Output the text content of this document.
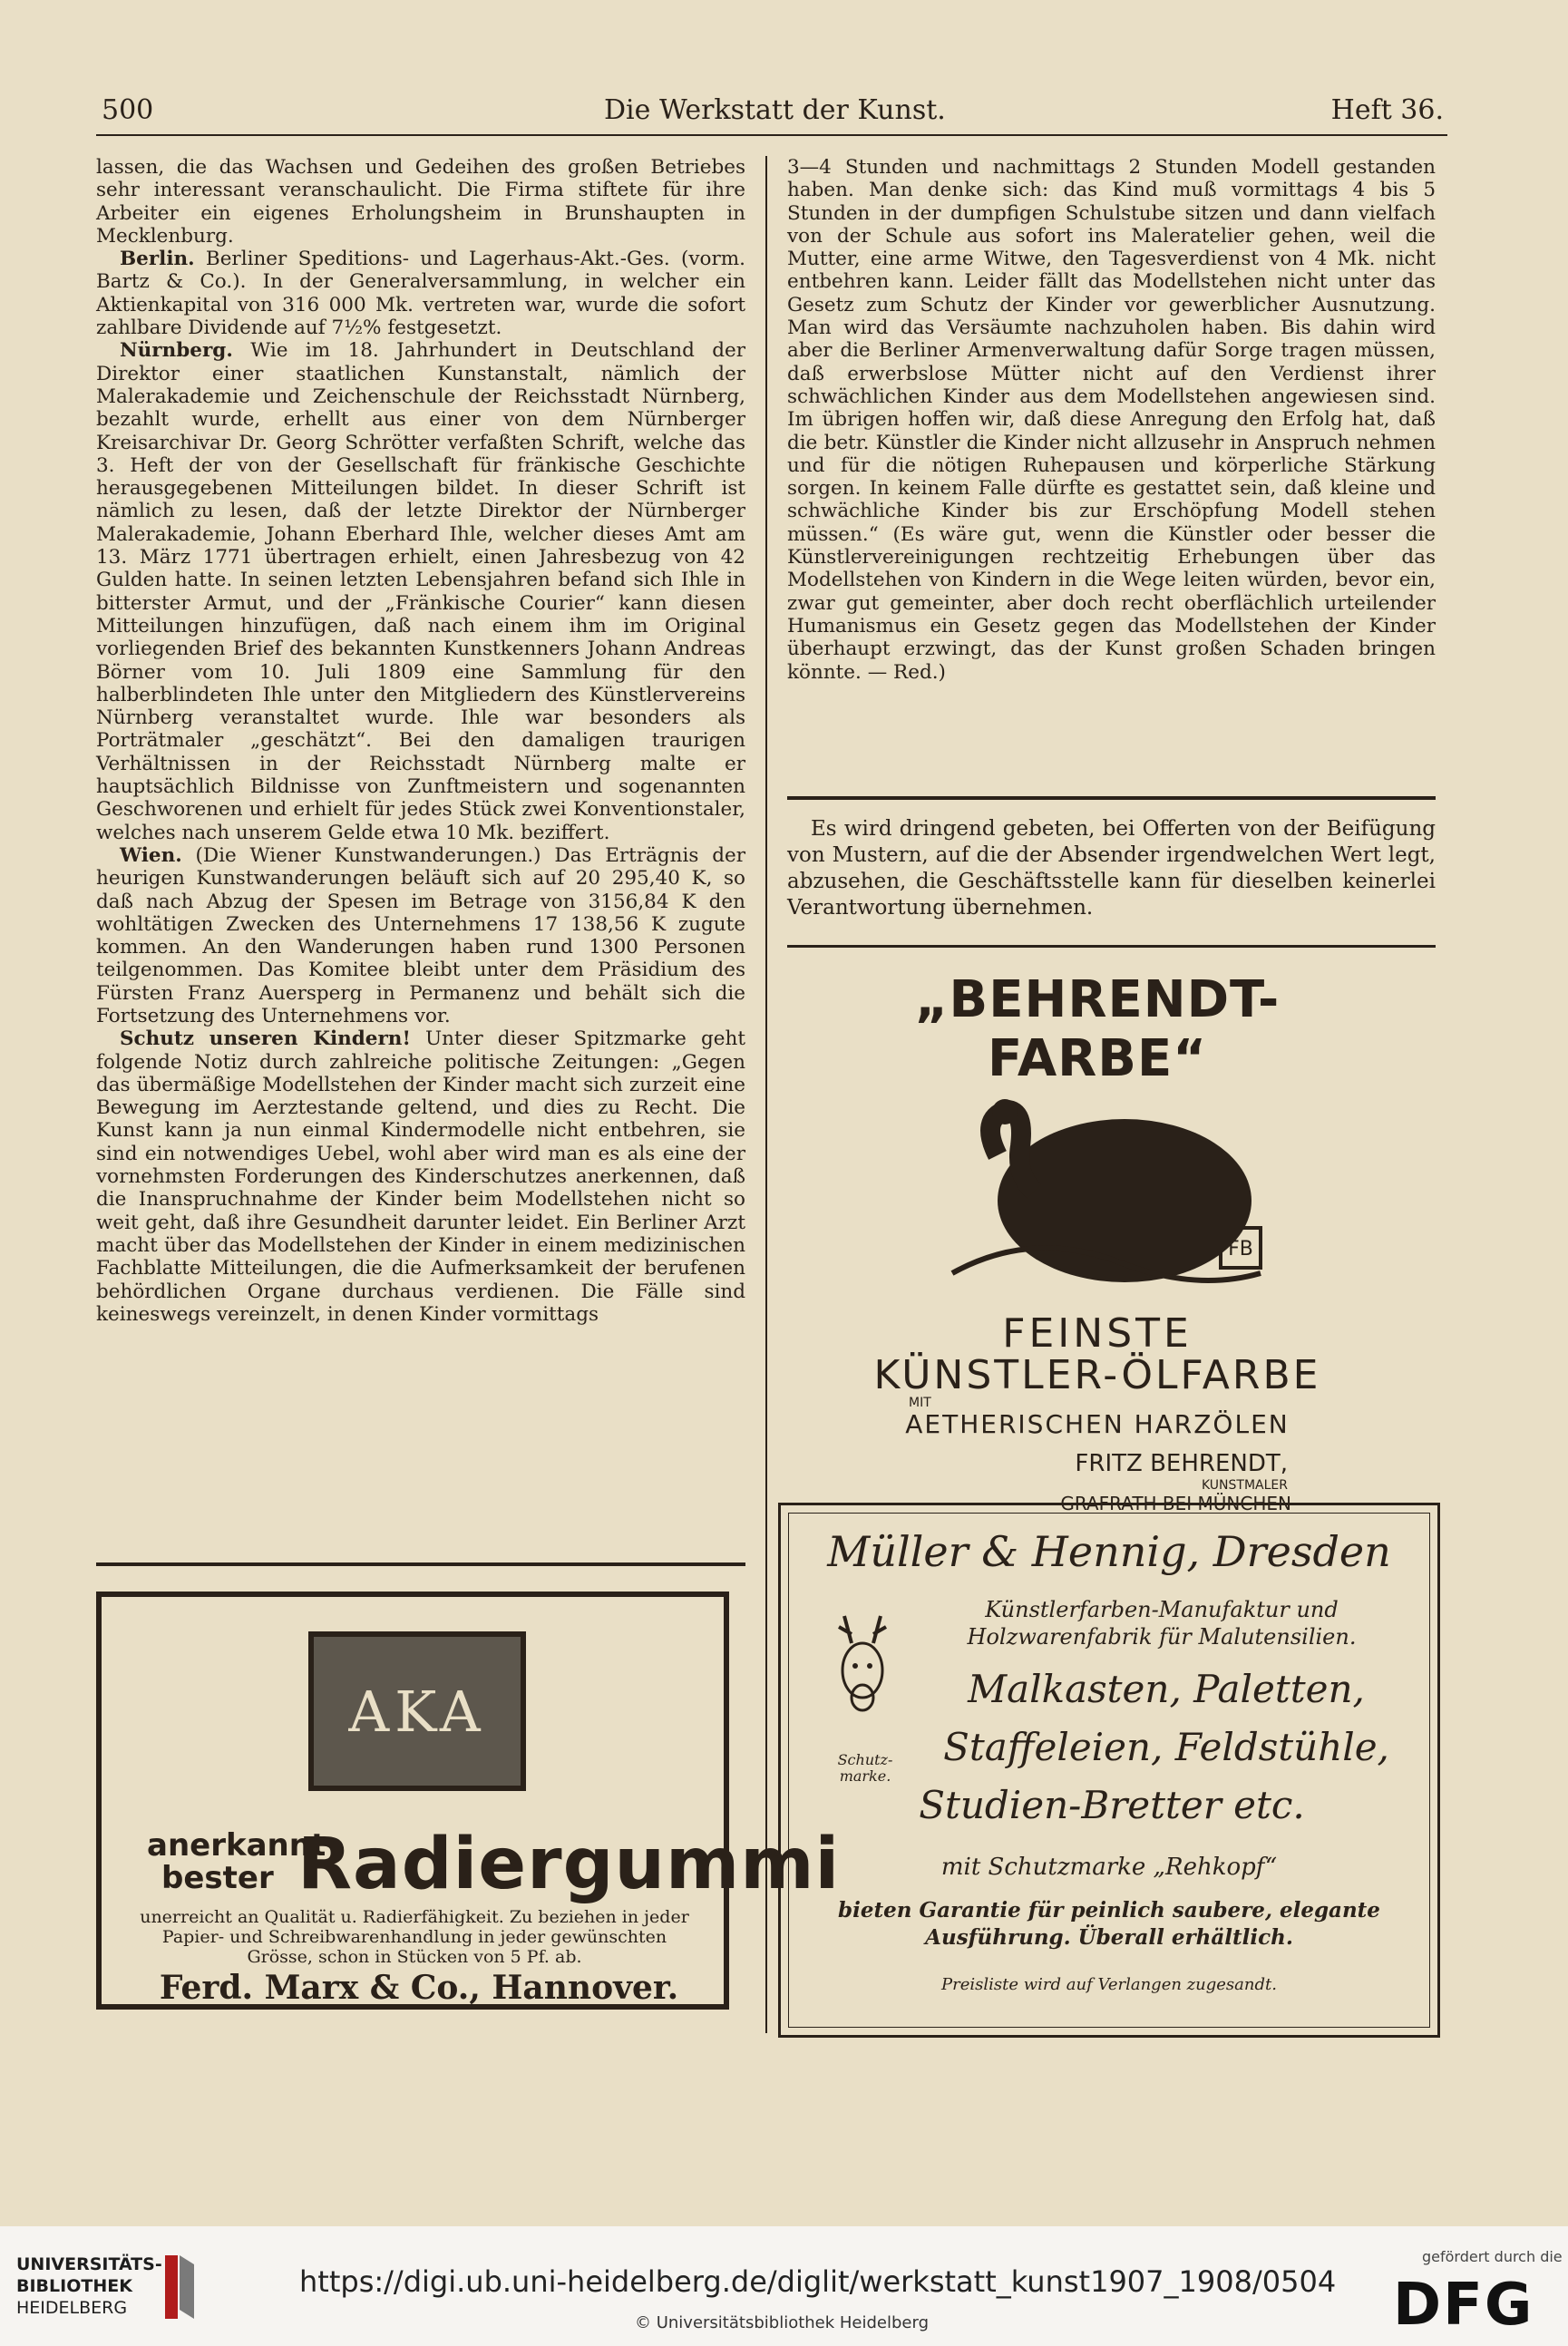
500	Die Werkstatt der Kunst.	Heft 36.

lassen, die das Wachsen und Gedeihen des großen Betriebes sehr interessant veranschaulicht. Die Firma stiftete für ihre Arbeiter ein eigenes Erholungsheim in Brunshaupten in Mecklenburg.

Berlin. Berliner Speditions- und Lagerhaus-Akt.-Ges. (vorm. Bartz & Co.). In der Generalversammlung, in welcher ein Aktienkapital von 316 000 Mk. vertreten war, wurde die sofort zahlbare Dividende auf 7½% festgesetzt.

Nürnberg. Wie im 18. Jahrhundert in Deutschland der Direktor einer staatlichen Kunstanstalt, nämlich der Malerakademie und Zeichenschule der Reichsstadt Nürnberg, bezahlt wurde, erhellt aus einer von dem Nürnberger Kreisarchivar Dr. Georg Schrötter verfaßten Schrift, welche das 3. Heft der von der Gesellschaft für fränkische Geschichte herausgegebenen Mitteilungen bildet. In dieser Schrift ist nämlich zu lesen, daß der letzte Direktor der Nürnberger Malerakademie, Johann Eberhard Ihle, welcher dieses Amt am 13. März 1771 übertragen erhielt, einen Jahresbezug von 42 Gulden hatte. In seinen letzten Lebensjahren befand sich Ihle in bitterster Armut, und der „Fränkische Courier“ kann diesen Mitteilungen hinzufügen, daß nach einem ihm im Original vorliegenden Brief des bekannten Kunstkenners Johann Andreas Börner vom 10. Juli 1809 eine Sammlung für den halberblindeten Ihle unter den Mitgliedern des Künstlervereins Nürnberg veranstaltet wurde. Ihle war besonders als Porträtmaler „geschätzt“. Bei den damaligen traurigen Verhältnissen in der Reichsstadt Nürnberg malte er hauptsächlich Bildnisse von Zunftmeistern und sogenannten Geschworenen und erhielt für jedes Stück zwei Konventionstaler, welches nach unserem Gelde etwa 10 Mk. beziffert.

Wien. (Die Wiener Kunstwanderungen.) Das Erträgnis der heurigen Kunstwanderungen beläuft sich auf 20 295,40 K, so daß nach Abzug der Spesen im Betrage von 3156,84 K den wohltätigen Zwecken des Unternehmens 17 138,56 K zugute kommen. An den Wanderungen haben rund 1300 Personen teilgenommen. Das Komitee bleibt unter dem Präsidium des Fürsten Franz Auersperg in Permanenz und behält sich die Fortsetzung des Unternehmens vor.

Schutz unseren Kindern! Unter dieser Spitzmarke geht folgende Notiz durch zahlreiche politische Zeitungen: „Gegen das übermäßige Modellstehen der Kinder macht sich zurzeit eine Bewegung im Aerztestande geltend, und dies zu Recht. Die Kunst kann ja nun einmal Kindermodelle nicht entbehren, sie sind ein notwendiges Uebel, wohl aber wird man es als eine der vornehmsten Forderungen des Kinderschutzes anerkennen, daß die Inanspruchnahme der Kinder beim Modellstehen nicht so weit geht, daß ihre Gesundheit darunter leidet. Ein Berliner Arzt macht über das Modellstehen der Kinder in einem medizinischen Fachblatte Mitteilungen, die die Aufmerksamkeit der berufenen behördlichen Organe durchaus verdienen. Die Fälle sind keineswegs vereinzelt, in denen Kinder vormittags

3—4 Stunden und nachmittags 2 Stunden Modell gestanden haben. Man denke sich: das Kind muß vormittags 4 bis 5 Stunden in der dumpfigen Schulstube sitzen und dann vielfach von der Schule aus sofort ins Maleratelier gehen, weil die Mutter, eine arme Witwe, den Tagesverdienst von 4 Mk. nicht entbehren kann. Leider fällt das Modellstehen nicht unter das Gesetz zum Schutz der Kinder vor gewerblicher Ausnutzung. Man wird das Versäumte nachzuholen haben. Bis dahin wird aber die Berliner Armenverwaltung dafür Sorge tragen müssen, daß erwerbslose Mütter nicht auf den Verdienst ihrer schwächlichen Kinder aus dem Modellstehen angewiesen sind. Im übrigen hoffen wir, daß diese Anregung den Erfolg hat, daß die betr. Künstler die Kinder nicht allzusehr in Anspruch nehmen und für die nötigen Ruhepausen und körperliche Stärkung sorgen. In keinem Falle dürfte es gestattet sein, daß kleine und schwächliche Kinder bis zur Erschöpfung Modell stehen müssen.“ (Es wäre gut, wenn die Künstler oder besser die Künstlervereinigungen rechtzeitig Erhebungen über das Modellstehen von Kindern in die Wege leiten würden, bevor ein, zwar gut gemeinter, aber doch recht oberflächlich urteilender Humanismus ein Gesetz gegen das Modellstehen der Kinder überhaupt erzwingt, das der Kunst großen Schaden bringen könnte. — Red.)

Es wird dringend gebeten, bei Offerten von der Beifügung von Mustern, auf die der Absender irgendwelchen Wert legt, abzusehen, die Geschäftsstelle kann für dieselben keinerlei Verantwortung übernehmen.
„BEHRENDT-FARBE“
FB
FEINSTE
KÜNSTLER-ÖLFARBE
MIT
AETHERISCHEN HARZÖLEN
FRITZ BEHRENDT,
KUNSTMALER
GRAFRATH BEI MÜNCHEN
AKA
anerkannt
bester Radiergummi
unerreicht an Qualität u. Radierfähigkeit. Zu beziehen in jeder Papier- und Schreibwarenhandlung in jeder gewünschten Grösse, schon in Stücken von 5 Pf. ab.
Ferd. Marx & Co., Hannover.
Müller & Hennig, Dresden
Künstlerfarben-Manufaktur und
Holzwarenfabrik für Malutensilien.
Schutz-marke.
Malkasten, Paletten,
Staffeleien, Feldstühle,
Studien-Bretter etc.
mit Schutzmarke „Rehkopf“
bieten Garantie für peinlich saubere, elegante
Ausführung. Überall erhältlich.
Preisliste wird auf Verlangen zugesandt.
UNIVERSITÄTS-
BIBLIOTHEK
HEIDELBERG
https://digi.ub.uni-heidelberg.de/diglit/werkstatt_kunst1907_1908/0504
© Universitätsbibliothek Heidelberg
gefördert durch die
DFG
